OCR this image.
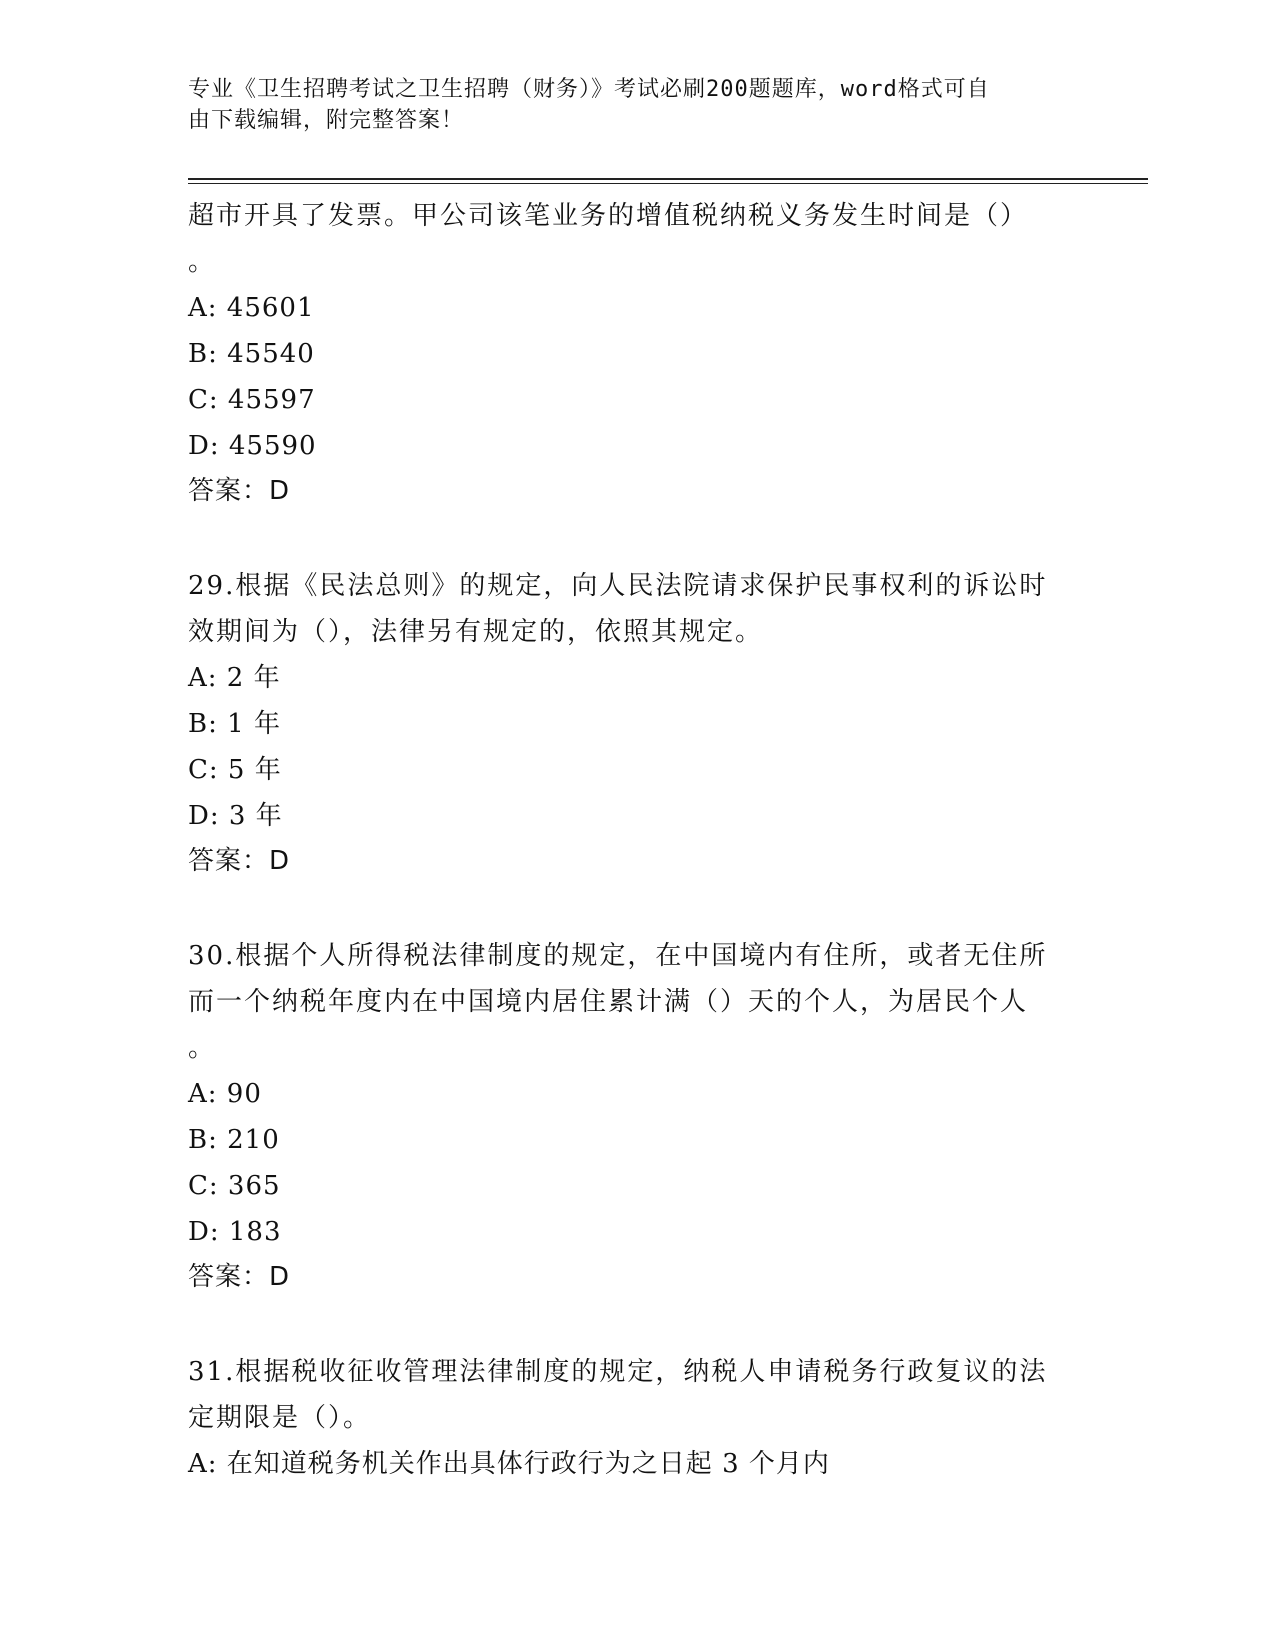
专业《卫生招聘考试之卫生招聘（财务）》考试必刷200题题库，word格式可自
由下载编辑，附完整答案！
超市开具了发票。甲公司该笔业务的增值税纳税义务发生时间是（）
。
A: 45601
B: 45540
C: 45597
D: 45590
答案：D
29.根据《民法总则》的规定，向人民法院请求保护民事权利的诉讼时
效期间为（），法律另有规定的，依照其规定。
A: 2 年
B: 1 年
C: 5 年
D: 3 年
答案：D
30.根据个人所得税法律制度的规定，在中国境内有住所，或者无住所
而一个纳税年度内在中国境内居住累计满（）天的个人，为居民个人
。
A: 90
B: 210
C: 365
D: 183
答案：D
31.根据税收征收管理法律制度的规定，纳税人申请税务行政复议的法
定期限是（）。
A: 在知道税务机关作出具体行政行为之日起 3 个月内
